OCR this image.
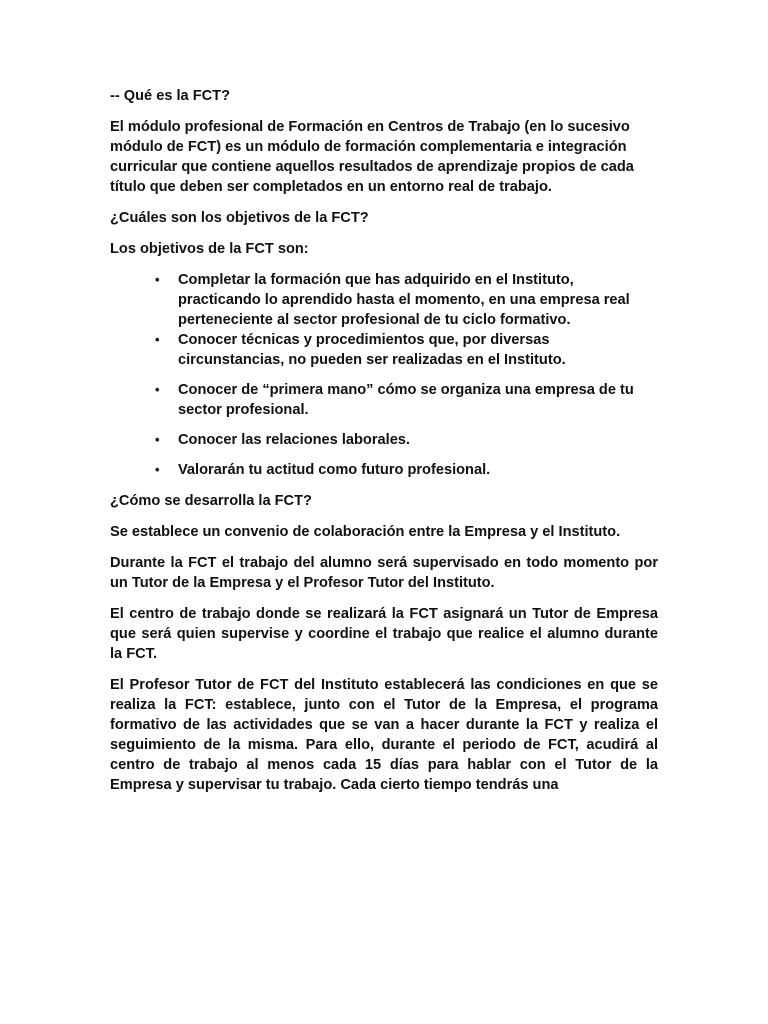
-- Qué es la FCT?

El módulo profesional de Formación en Centros de Trabajo (en lo sucesivo módulo de FCT) es un módulo de formación complementaria e integración curricular que contiene aquellos resultados de aprendizaje propios de cada título que deben ser completados en un entorno real de trabajo.

¿Cuáles son los objetivos de la FCT?

Los objetivos de la FCT son:

• Completar la formación que has adquirido en el Instituto, practicando lo aprendido hasta el momento, en una empresa real perteneciente al sector profesional de tu ciclo formativo.
• Conocer técnicas y procedimientos que, por diversas circunstancias, no pueden ser realizadas en el Instituto.
• Conocer de “primera mano” cómo se organiza una empresa de tu sector profesional.
• Conocer las relaciones laborales.
• Valorarán tu actitud como futuro profesional.

¿Cómo se desarrolla la FCT?

Se establece un convenio de colaboración entre la Empresa y el Instituto.

Durante la FCT el trabajo del alumno será supervisado en todo momento por un Tutor de la Empresa y el Profesor Tutor del Instituto.

El centro de trabajo donde se realizará la FCT asignará un Tutor de Empresa que será quien supervise y coordine el trabajo que realice el alumno durante la FCT.

El Profesor Tutor de FCT del Instituto establecerá las condiciones en que se realiza la FCT: establece, junto con el Tutor de la Empresa, el programa formativo de las actividades que se van a hacer durante la FCT y realiza el seguimiento de la misma. Para ello, durante el periodo de FCT, acudirá al centro de trabajo al menos cada 15 días para hablar con el Tutor de la Empresa y supervisar tu trabajo. Cada cierto tiempo tendrás una
